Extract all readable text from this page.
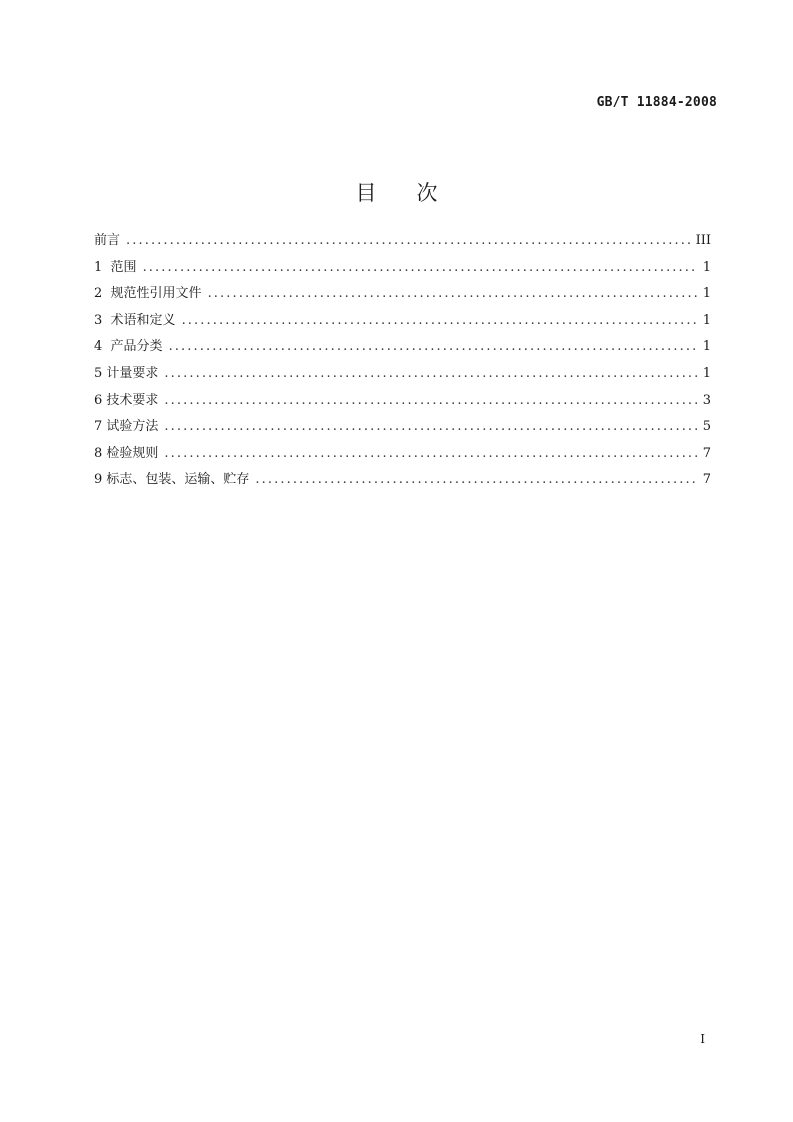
GB/T 11884-2008
目 次
前言 .....	III
1 范围 .....	1
2 规范性引用文件 .....	1
3 术语和定义 .....	1
4 产品分类 .....	1
5 计量要求 .....	1
6 技术要求 .....	3
7 试验方法 .....	5
8 检验规则 .....	7
9 标志、包装、运输、贮存 .....	7
I
